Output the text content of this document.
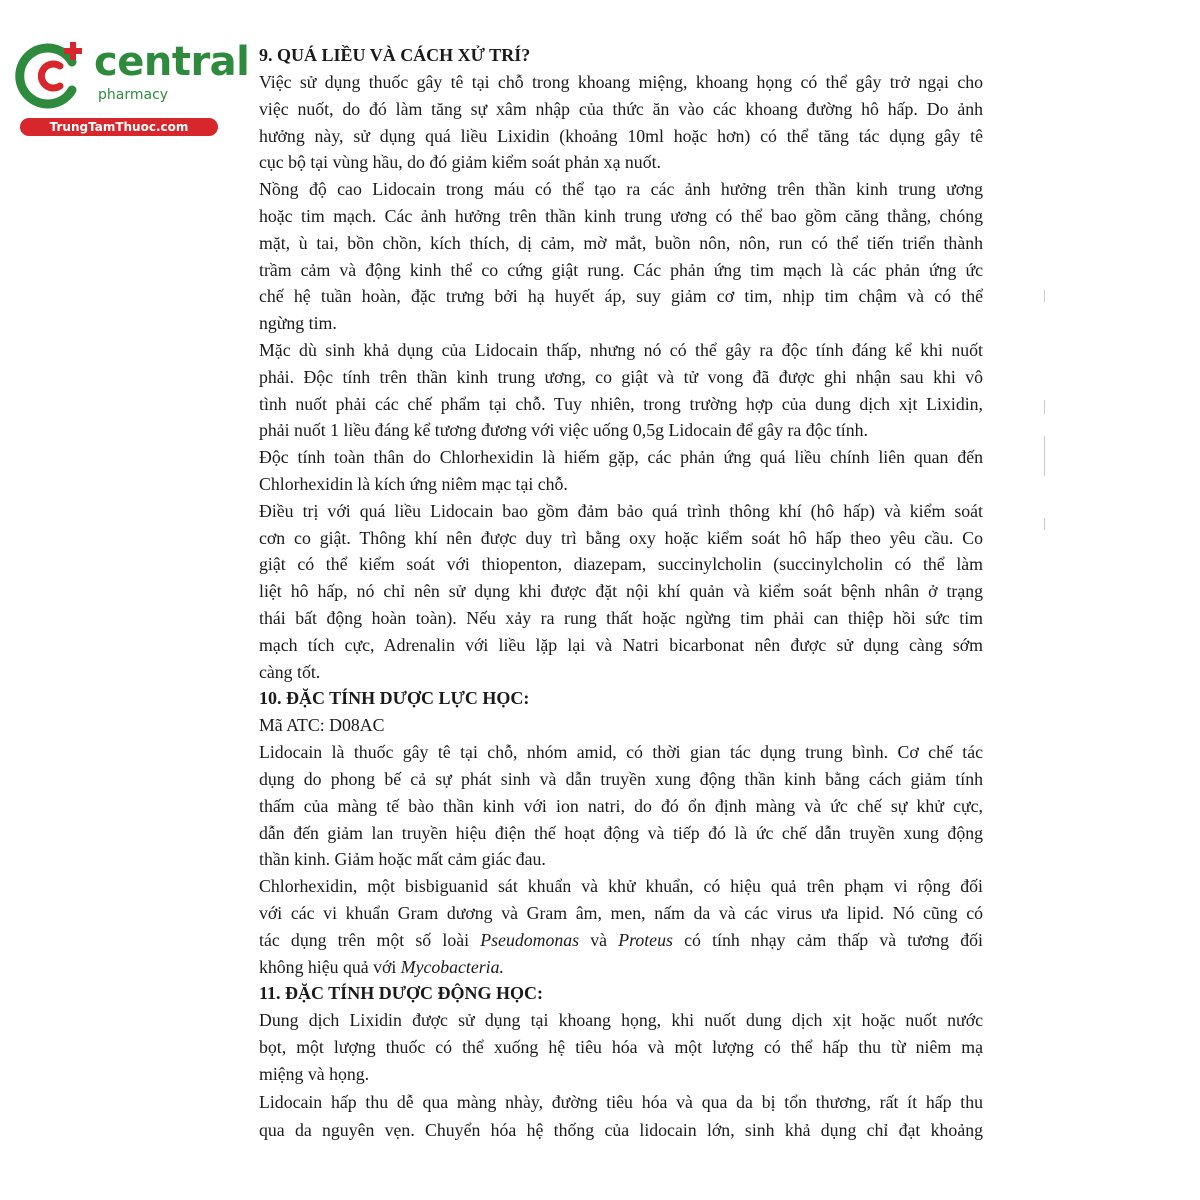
central
pharmacy
TrungTamThuoc.com
9. QUÁ LIỀU VÀ CÁCH XỬ TRÍ?

Việc sử dụng thuốc gây tê tại chỗ trong khoang miệng, khoang họng có thể gây trở ngại cho
việc nuốt, do đó làm tăng sự xâm nhập của thức ăn vào các khoang đường hô hấp. Do ảnh
hưởng này, sử dụng quá liều Lixidin (khoảng 10ml hoặc hơn) có thể tăng tác dụng gây tê
cục bộ tại vùng hầu, do đó giảm kiểm soát phản xạ nuốt.

Nồng độ cao Lidocain trong máu có thể tạo ra các ảnh hưởng trên thần kinh trung ương
hoặc tim mạch. Các ảnh hưởng trên thần kinh trung ương có thể bao gồm căng thẳng, chóng
mặt, ù tai, bồn chồn, kích thích, dị cảm, mờ mắt, buồn nôn, nôn, run có thể tiến triển thành
trầm cảm và động kinh thể co cứng giật rung. Các phản ứng tim mạch là các phản ứng ức
chế hệ tuần hoàn, đặc trưng bởi hạ huyết áp, suy giảm cơ tim, nhịp tim chậm và có thể
ngừng tim.

Mặc dù sinh khả dụng của Lidocain thấp, nhưng nó có thể gây ra độc tính đáng kể khi nuốt
phải. Độc tính trên thần kinh trung ương, co giật và tử vong đã được ghi nhận sau khi vô
tình nuốt phải các chế phẩm tại chỗ. Tuy nhiên, trong trường hợp của dung dịch xịt Lixidin,
phải nuốt 1 liều đáng kể tương đương với việc uống 0,5g Lidocain để gây ra độc tính.

Độc tính toàn thân do Chlorhexidin là hiếm gặp, các phản ứng quá liều chính liên quan đến
Chlorhexidin là kích ứng niêm mạc tại chỗ.

Điều trị với quá liều Lidocain bao gồm đảm bảo quá trình thông khí (hô hấp) và kiểm soát
cơn co giật. Thông khí nên được duy trì bằng oxy hoặc kiểm soát hô hấp theo yêu cầu. Co
giật có thể kiểm soát với thiopenton, diazepam, succinylcholin (succinylcholin có thể làm
liệt hô hấp, nó chỉ nên sử dụng khi được đặt nội khí quản và kiểm soát bệnh nhân ở trạng
thái bất động hoàn toàn). Nếu xảy ra rung thất hoặc ngừng tim phải can thiệp hồi sức tim
mạch tích cực, Adrenalin với liều lặp lại và Natri bicarbonat nên được sử dụng càng sớm
càng tốt.

10. ĐẶC TÍNH DƯỢC LỰC HỌC:

Mã ATC: D08AC

Lidocain là thuốc gây tê tại chỗ, nhóm amid, có thời gian tác dụng trung bình. Cơ chế tác
dụng do phong bế cả sự phát sinh và dẫn truyền xung động thần kinh bằng cách giảm tính
thấm của màng tế bào thần kinh với ion natri, do đó ổn định màng và ức chế sự khử cực,
dẫn đến giảm lan truyền hiệu điện thế hoạt động và tiếp đó là ức chế dẫn truyền xung động
thần kinh. Giảm hoặc mất cảm giác đau.

Chlorhexidin, một bisbiguanid sát khuẩn và khử khuẩn, có hiệu quả trên phạm vi rộng đối
với các vi khuẩn Gram dương và Gram âm, men, nấm da và các virus ưa lipid. Nó cũng có
tác dụng trên một số loài Pseudomonas và Proteus có tính nhạy cảm thấp và tương đối
không hiệu quả với Mycobacteria.

11. ĐẶC TÍNH DƯỢC ĐỘNG HỌC:

Dung dịch Lixidin được sử dụng tại khoang họng, khi nuốt dung dịch xịt hoặc nuốt nước
bọt, một lượng thuốc có thể xuống hệ tiêu hóa và một lượng có thể hấp thu từ niêm mạ
miệng và họng.

Lidocain hấp thu dễ qua màng nhày, đường tiêu hóa và qua da bị tổn thương, rất ít hấp thu
qua da nguyên vẹn. Chuyển hóa hệ thống của lidocain lớn, sinh khả dụng chỉ đạt khoảng
